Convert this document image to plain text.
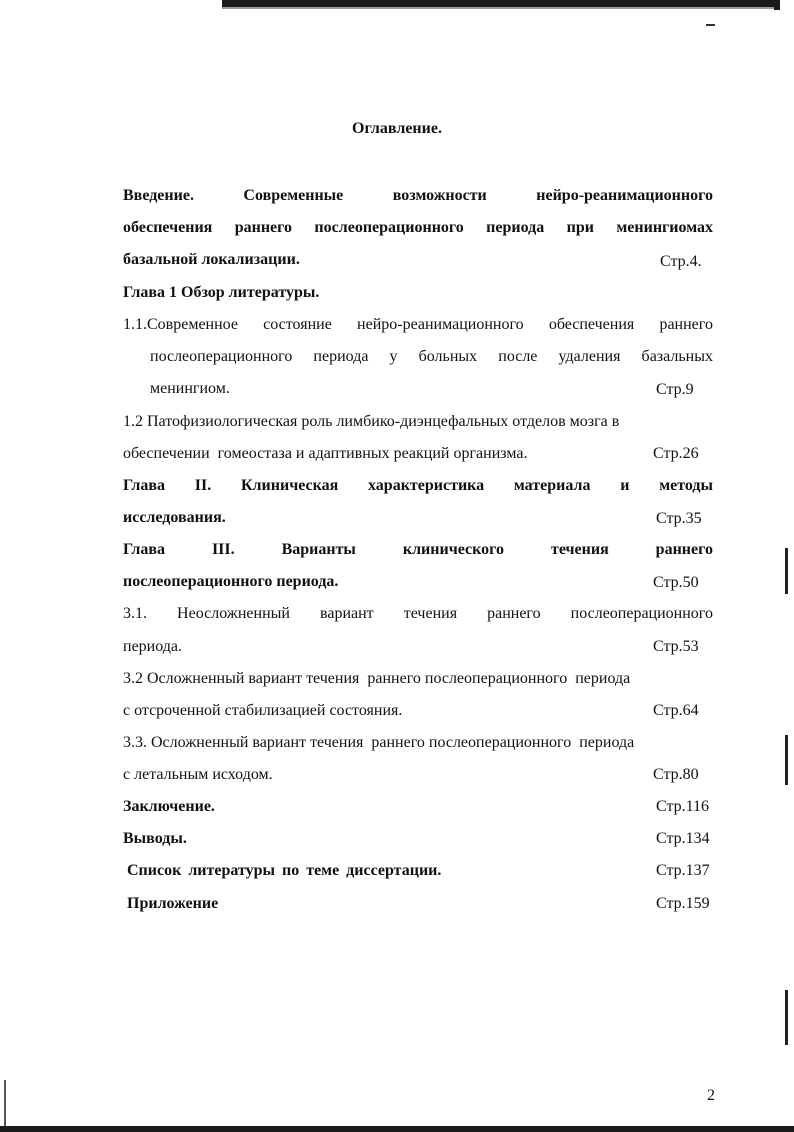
Оглавление.
Введение.	Современные	возможности	нейро-реанимационного
обеспечения раннего послеоперационного периода при менингиомах
базальной локализации.	Стр.4.
Глава 1 Обзор литературы.
1.1.Современное состояние нейро-реанимационного обеспечения раннего
послеоперационного периода у больных после удаления базальных
менингиом.	Стр.9
1.2 Патофизиологическая роль лимбико-диэнцефальных отделов мозга в
обеспечении  гомеостаза и адаптивных реакций организма.	Стр.26
Глава II. Клиническая характеристика материала и методы
исследования.	Стр.35
Глава	III.	Варианты	клинического	течения	раннего
послеоперационного периода.	Стр.50
3.1. Неосложненный вариант течения раннего послеоперационного
периода.	Стр.53
3.2 Осложненный вариант течения  раннего послеоперационного  периода
с отсроченной стабилизацией состояния.	Стр.64
3.3. Осложненный вариант течения  раннего послеоперационного  периода
с летальным исходом.	Стр.80
Заключение.	Стр.116
Выводы.	Стр.134
Список литературы по теме диссертации.	Стр.137
Приложение	Стр.159
2
